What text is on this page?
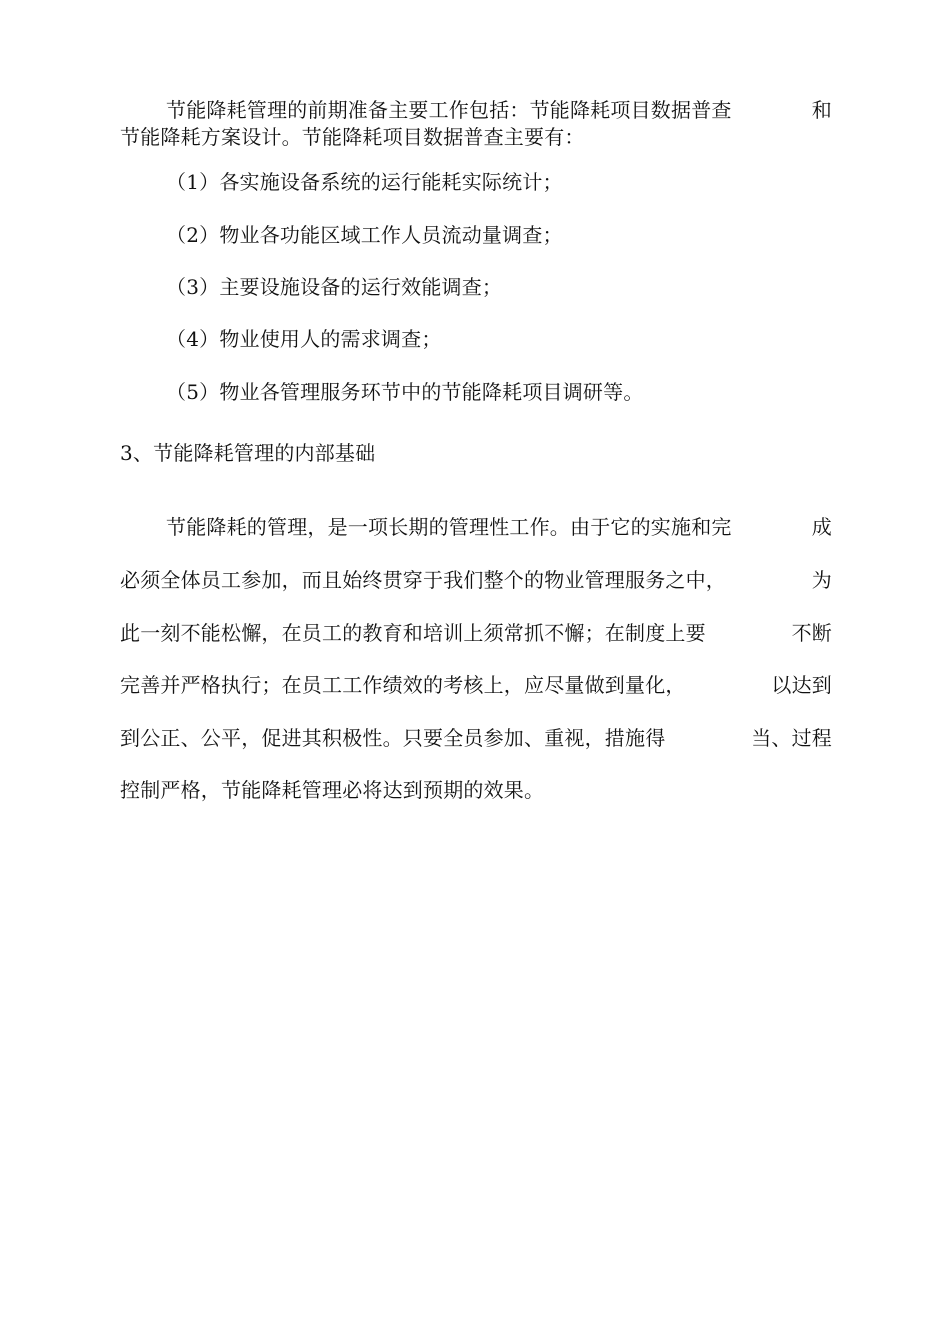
节能降耗管理的前期准备主要工作包括：节能降耗项目数据普查	和
节能降耗方案设计。节能降耗项目数据普查主要有：
（1）各实施设备系统的运行能耗实际统计；
（2）物业各功能区域工作人员流动量调查；
（3）主要设施设备的运行效能调查；
（4）物业使用人的需求调查；
（5）物业各管理服务环节中的节能降耗项目调研等。
3、节能降耗管理的内部基础
节能降耗的管理，是一项长期的管理性工作。由于它的实施和完	成
必须全体员工参加，而且始终贯穿于我们整个的物业管理服务之中，	为
此一刻不能松懈，在员工的教育和培训上须常抓不懈；在制度上要	不断
完善并严格执行；在员工工作绩效的考核上，应尽量做到量化，	以达到
到公正、公平，促进其积极性。只要全员参加、重视，措施得	当、过程
控制严格，节能降耗管理必将达到预期的效果。
